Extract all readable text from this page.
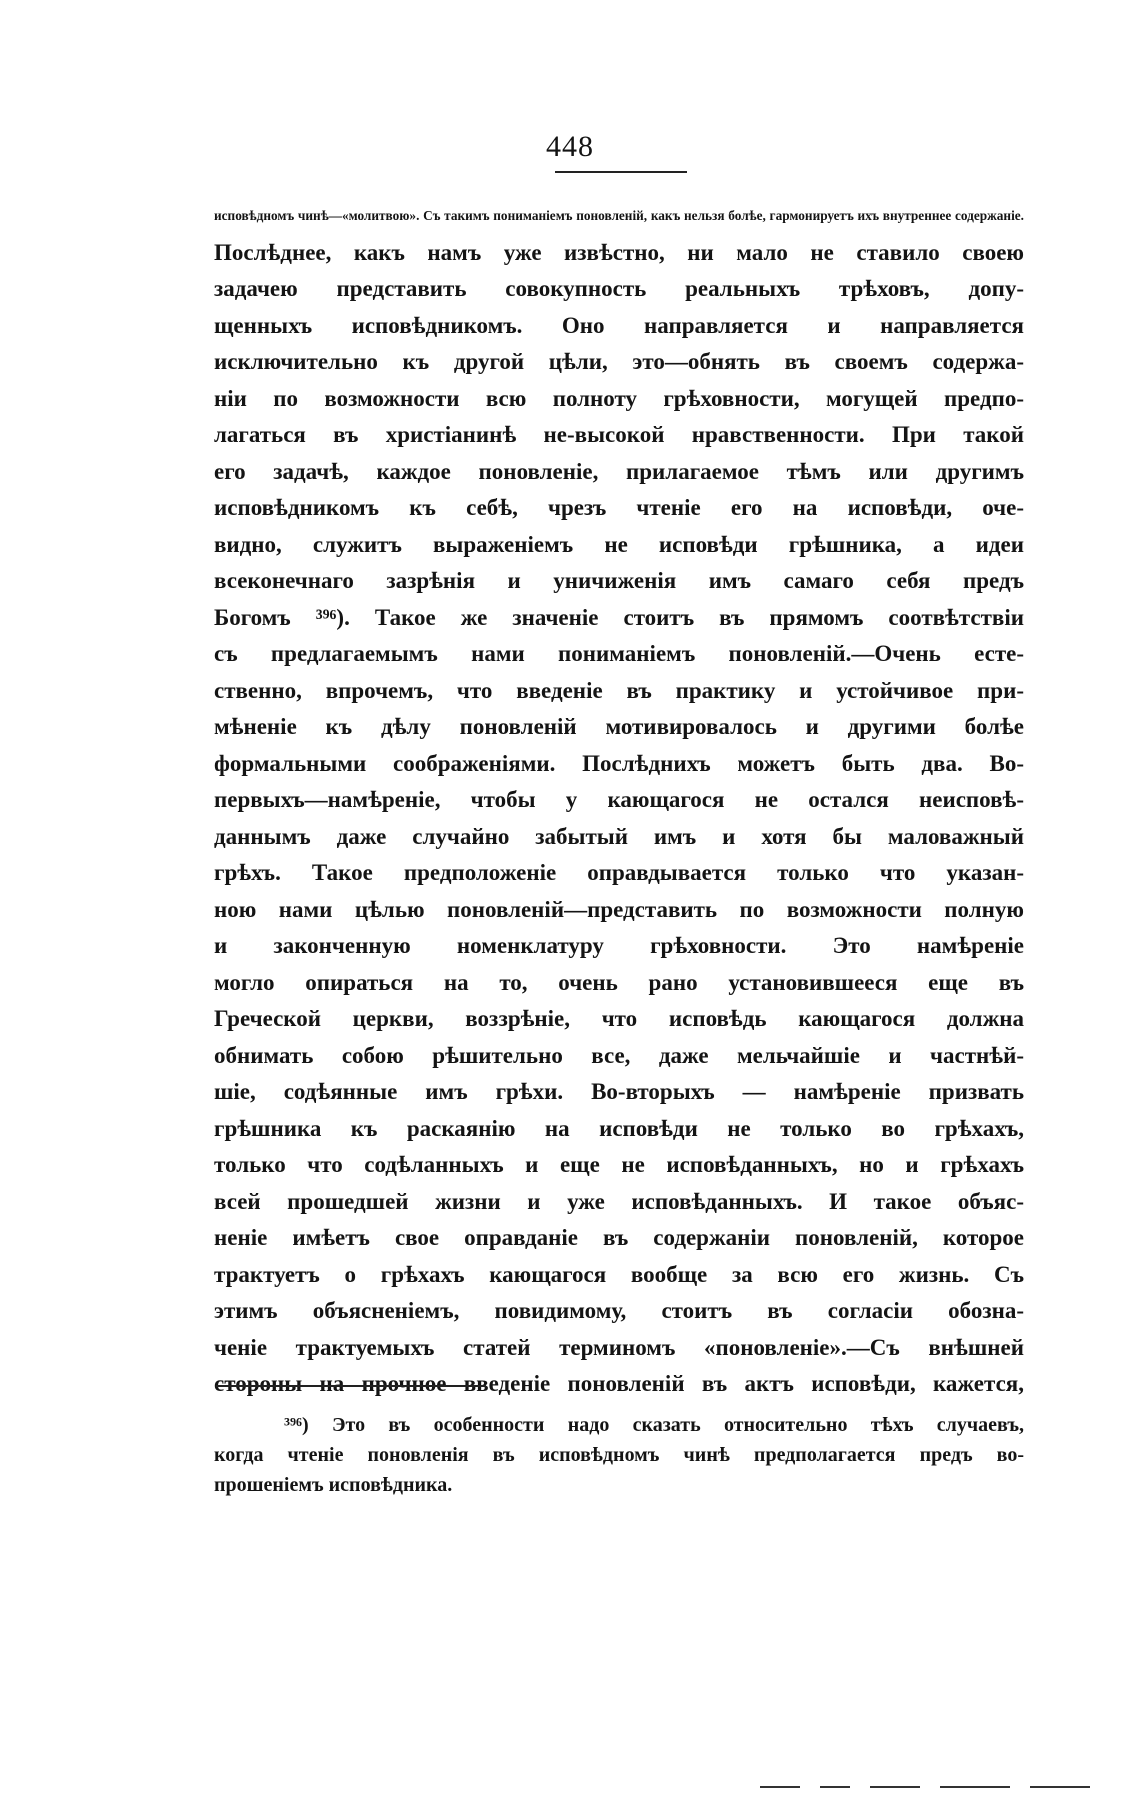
448
исповѣдномъ чинѣ—«молитвою». Съ такимъ пониманіемъ поновленій, какъ нельзя болѣе, гармонируетъ ихъ внутреннее содержаніе.
Послѣднее, какъ намъ уже извѣстно, ни мало не ставило своею
задачею представить совокупность реальныхъ трѣховъ, допу-
щенныхъ исповѣдникомъ. Оно направляется и направляется
исключительно къ другой цѣли, это—обнять въ своемъ содержа-
ніи по возможности всю полноту грѣховности, могущей предпо-
лагаться въ христіанинѣ не-высокой нравственности. При такой
его задачѣ, каждое поновленіе, прилагаемое тѣмъ или другимъ
исповѣдникомъ къ себѣ, чрезъ чтеніе его на исповѣди, оче-
видно, служитъ выраженіемъ не исповѣди грѣшника, а идеи
всеконечнаго зазрѣнія и уничиженія имъ самаго себя предъ
Богомъ ³⁹⁶). Такое же значеніе стоитъ въ прямомъ соотвѣтствіи
съ предлагаемымъ нами пониманіемъ поновленій.—Очень есте-
ственно, впрочемъ, что введеніе въ практику и устойчивое при-
мѣненіе къ дѣлу поновленій мотивировалось и другими болѣе
формальными соображеніями. Послѣднихъ можетъ быть два. Во-
первыхъ—намѣреніе, чтобы у кающагося не остался неисповѣ-
даннымъ даже случайно забытый имъ и хотя бы маловажный
грѣхъ. Такое предположеніе оправдывается только что указан-
ною нами цѣлью поновленій—представить по возможности полную
и законченную номенклатуру грѣховности. Это намѣреніе
могло опираться на то, очень рано установившееся еще въ
Греческой церкви, воззрѣніе, что исповѣдь кающагося должна
обнимать собою рѣшительно все, даже мельчайшіе и частнѣй-
шіе, содѣянные имъ грѣхи. Во-вторыхъ — намѣреніе призвать
грѣшника къ раскаянію на исповѣди не только во грѣхахъ,
только что содѣланныхъ и еще не исповѣданныхъ, но и грѣхахъ
всей прошедшей жизни и уже исповѣданныхъ. И такое объяс-
неніе имѣетъ свое оправданіе въ содержаніи поновленій, которое
трактуетъ о грѣхахъ кающагося вообще за всю его жизнь. Съ
этимъ объясненіемъ, повидимому, стоитъ въ согласіи обозна-
ченіе трактуемыхъ статей терминомъ «поновленіе».—Съ внѣшней
стороны на прочное введеніе поновленій въ актъ исповѣди, кажется,
³⁹⁶) Это въ особенности надо сказать относительно тѣхъ случаевъ,
когда чтеніе поновленія въ исповѣдномъ чинѣ предполагается предъ во-
прошеніемъ исповѣдника.
